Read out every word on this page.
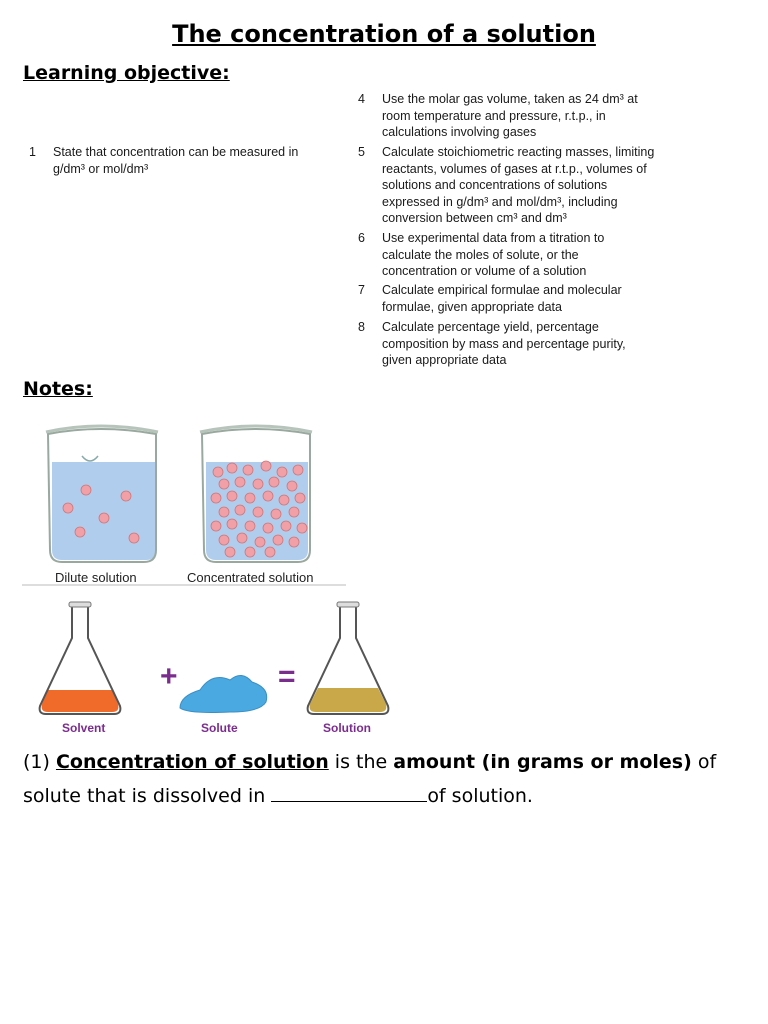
The concentration of a solution
Learning objective:
1 State that concentration can be measured in g/dm³ or mol/dm³
4 Use the molar gas volume, taken as 24 dm³ at room temperature and pressure, r.t.p., in calculations involving gases
5 Calculate stoichiometric reacting masses, limiting reactants, volumes of gases at r.t.p., volumes of solutions and concentrations of solutions expressed in g/dm³ and mol/dm³, including conversion between cm³ and dm³
6 Use experimental data from a titration to calculate the moles of solute, or the concentration or volume of a solution
7 Calculate empirical formulae and molecular formulae, given appropriate data
8 Calculate percentage yield, percentage composition by mass and percentage purity, given appropriate data
Notes:
Dilute solution	Concentrated solution
+	=
Solvent	Solute	Solution
(1) Concentration of solution is the amount (in grams or moles) of solute that is dissolved in	of solution.
